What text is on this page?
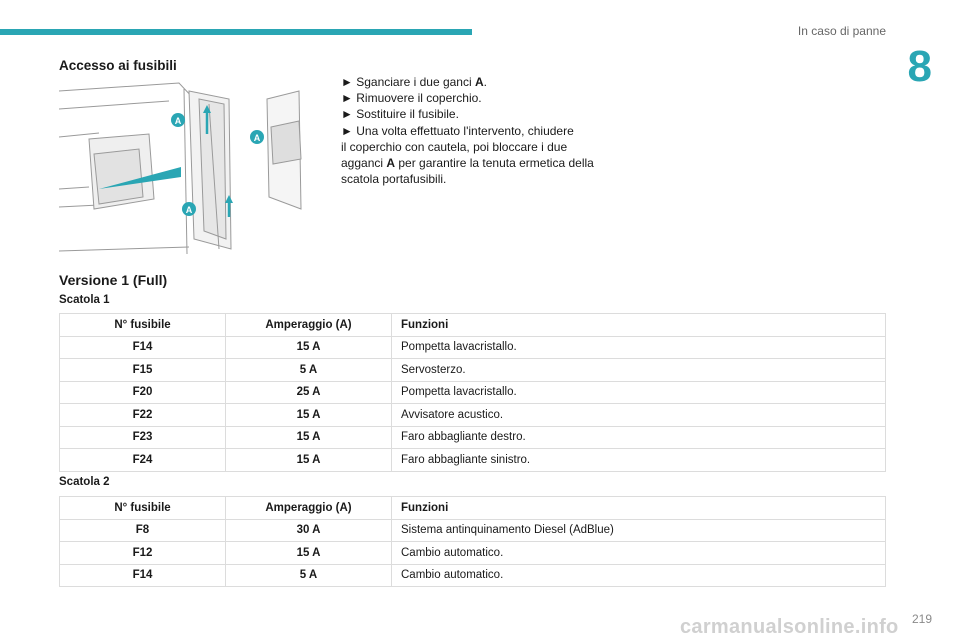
In caso di panne
8
Accesso ai fusibili
A
A
A
► Sganciare i due ganci A.
► Rimuovere il coperchio.
► Sostituire il fusibile.
► Una volta effettuato l'intervento, chiudere
il coperchio con cautela, poi bloccare i due
agganci A per garantire la tenuta ermetica della
scatola portafusibili.
Versione 1 (Full)
Scatola 1
N° fusibile	Amperaggio (A)	Funzioni
F14	15 A	Pompetta lavacristallo.
F15	5 A	Servosterzo.
F20	25 A	Pompetta lavacristallo.
F22	15 A	Avvisatore acustico.
F23	15 A	Faro abbagliante destro.
F24	15 A	Faro abbagliante sinistro.
Scatola 2
N° fusibile	Amperaggio (A)	Funzioni
F8	30 A	Sistema antinquinamento Diesel (AdBlue)
F12	15 A	Cambio automatico.
F14	5 A	Cambio automatico.
219
carmanualsonline.info
